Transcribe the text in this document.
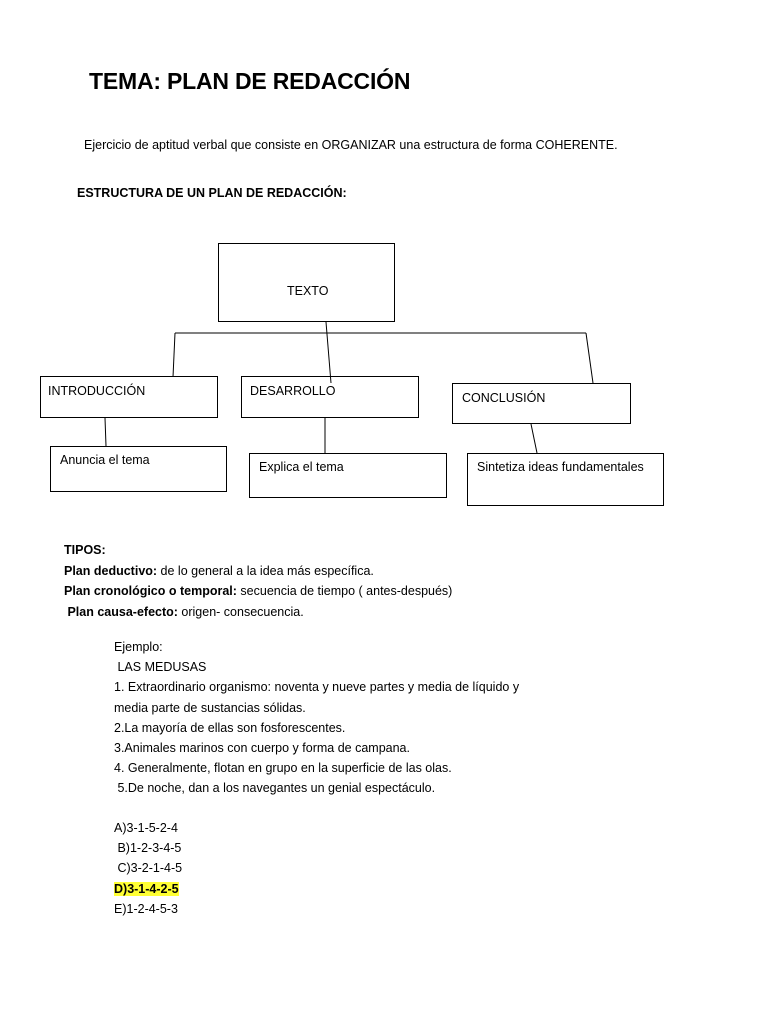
TEMA: PLAN DE REDACCIÓN
Ejercicio de aptitud verbal que consiste en ORGANIZAR una estructura de forma COHERENTE.
ESTRUCTURA DE UN PLAN DE REDACCIÓN:
TEXTO
INTRODUCCIÓN	DESARROLLO	CONCLUSIÓN
Anuncia el tema	Explica el tema	Sintetiza ideas fundamentales
TIPOS:
Plan deductivo: de lo general a la idea más específica.
Plan cronológico o temporal: secuencia de tiempo ( antes-después)
Plan causa-efecto: origen- consecuencia.
Ejemplo:
LAS MEDUSAS
1. Extraordinario organismo: noventa y nueve partes y media de líquido y
media parte de sustancias sólidas.
2.La mayoría de ellas son fosforescentes.
3.Animales marinos con cuerpo y forma de campana.
4. Generalmente, flotan en grupo en la superficie de las olas.
5.De noche, dan a los navegantes un genial espectáculo.
A)3-1-5-2-4
B)1-2-3-4-5
C)3-2-1-4-5
D)3-1-4-2-5
E)1-2-4-5-3
